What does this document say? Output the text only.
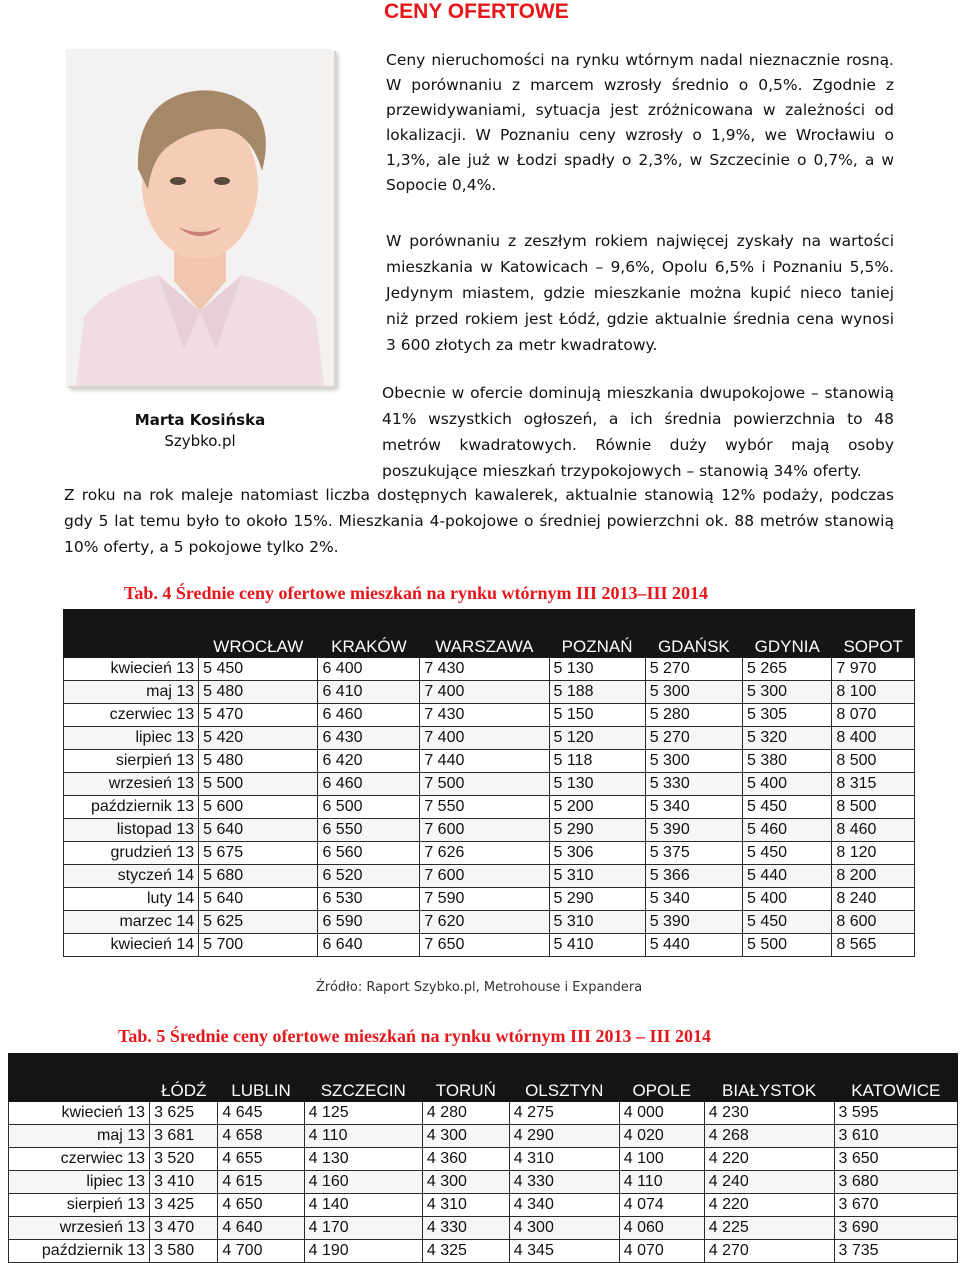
CENY OFERTOWE
Marta Kosińska
Szybko.pl

Ceny nieruchomości na rynku wtórnym nadal nieznacznie rosną. W porównaniu z marcem wzrosły średnio o 0,5%. Zgodnie z przewidywaniami, sytuacja jest zróżnicowana w zależności od lokalizacji. W Poznaniu ceny wzrosły o 1,9%, we Wrocławiu o 1,3%, ale już w Łodzi spadły o 2,3%, w Szczecinie o 0,7%, a w Sopocie 0,4%.

W porównaniu z zeszłym rokiem najwięcej zyskały na wartości mieszkania w Katowicach – 9,6%, Opolu 6,5% i Poznaniu 5,5%. Jedynym miastem, gdzie mieszkanie można kupić nieco taniej niż przed rokiem jest Łódź, gdzie aktualnie średnia cena wynosi 3 600 złotych za metr kwadratowy.

Obecnie w ofercie dominują mieszkania dwupokojowe – stanowią 41% wszystkich ogłoszeń, a ich średnia powierzchnia to 48 metrów kwadratowych. Równie duży wybór mają osoby poszukujące mieszkań trzypokojowych – stanowią 34% oferty.

Z roku na rok maleje natomiast liczba dostępnych kawalerek, aktualnie stanowią 12% podaży, podczas gdy 5 lat temu było to około 15%. Mieszkania 4-pokojowe o średniej powierzchni ok. 88 metrów stanowią 10% oferty, a 5 pokojowe tylko 2%.

Tab. 4 Średnie ceny ofertowe mieszkań na rynku wtórnym III 2013–III 2014

	WROCŁAW	KRAKÓW	WARSZAWA	POZNAŃ	GDAŃSK	GDYNIA	SOPOT
kwiecień 13	5 450	6 400	7 430	5 130	5 270	5 265	7 970
maj 13	5 480	6 410	7 400	5 188	5 300	5 300	8 100
czerwiec 13	5 470	6 460	7 430	5 150	5 280	5 305	8 070
lipiec 13	5 420	6 430	7 400	5 120	5 270	5 320	8 400
sierpień 13	5 480	6 420	7 440	5 118	5 300	5 380	8 500
wrzesień 13	5 500	6 460	7 500	5 130	5 330	5 400	8 315
październik 13	5 600	6 500	7 550	5 200	5 340	5 450	8 500
listopad 13	5 640	6 550	7 600	5 290	5 390	5 460	8 460
grudzień 13	5 675	6 560	7 626	5 306	5 375	5 450	8 120
styczeń 14	5 680	6 520	7 600	5 310	5 366	5 440	8 200
luty 14	5 640	6 530	7 590	5 290	5 340	5 400	8 240
marzec 14	5 625	6 590	7 620	5 310	5 390	5 450	8 600
kwiecień 14	5 700	6 640	7 650	5 410	5 440	5 500	8 565
Źródło: Raport Szybko.pl, Metrohouse i Expandera
Tab. 5 Średnie ceny ofertowe mieszkań na rynku wtórnym III 2013 – III 2014

	ŁÓDŹ	LUBLIN	SZCZECIN	TORUŃ	OLSZTYN	OPOLE	BIAŁYSTOK	KATOWICE
kwiecień 13	3 625	4 645	4 125	4 280	4 275	4 000	4 230	3 595
maj 13	3 681	4 658	4 110	4 300	4 290	4 020	4 268	3 610
czerwiec 13	3 520	4 655	4 130	4 360	4 310	4 100	4 220	3 650
lipiec 13	3 410	4 615	4 160	4 300	4 330	4 110	4 240	3 680
sierpień 13	3 425	4 650	4 140	4 310	4 340	4 074	4 220	3 670
wrzesień 13	3 470	4 640	4 170	4 330	4 300	4 060	4 225	3 690
październik 13	3 580	4 700	4 190	4 325	4 345	4 070	4 270	3 735
